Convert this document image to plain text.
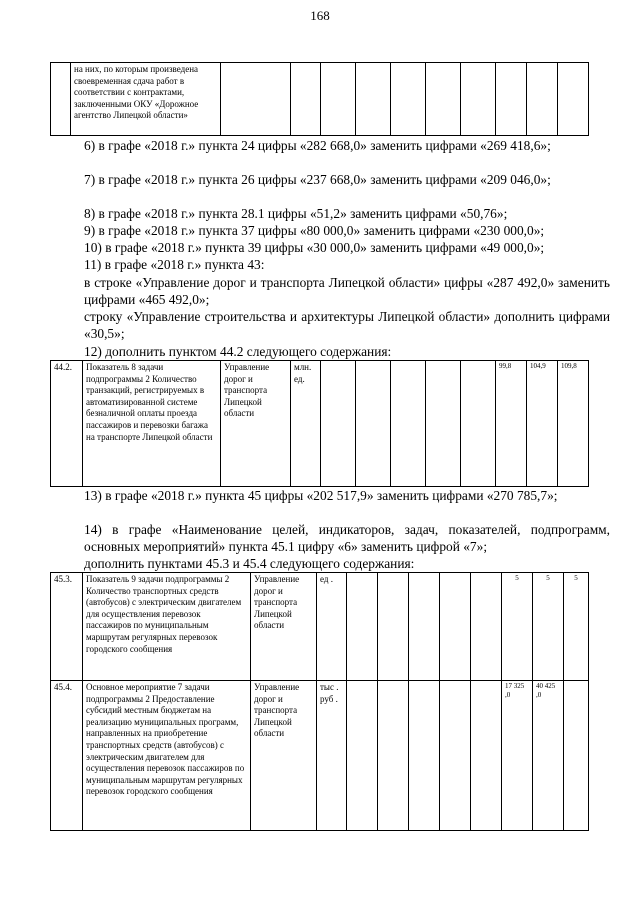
168
	на них, по которым произведена своевременная сдача работ в соответствии с контрактами, заключенными ОКУ «Дорожное агентство Липецкой области»										

6) в графе «2018 г.» пункта 24 цифры «282 668,0» заменить цифрами «269 418,6»;

7) в графе «2018 г.» пункта 26 цифры «237 668,0» заменить цифрами «209 046,0»;

8) в графе «2018 г.» пункта 28.1 цифры «51,2» заменить цифрами «50,76»;

9) в графе «2018 г.» пункта 37 цифры «80 000,0» заменить цифрами «230 000,0»;

10) в графе «2018 г.» пункта 39 цифры «30 000,0» заменить цифрами «49 000,0»;

11) в графе «2018 г.» пункта 43:

в строке «Управление дорог и транспорта Липецкой области» цифры «287 492,0» заменить цифрами «465 492,0»;

строку «Управление строительства и архитектуры Липецкой области» дополнить цифрами «30,5»;

12) дополнить пунктом 44.2 следующего содержания:

44.2.	Показатель 8 задачи подпрограммы 2 Количество транзакций, регистрируемых в автоматизированной системе безналичной оплаты проезда пассажиров и перевозки багажа на транспорте Липецкой области	Управление дорог и транспорта Липецкой области	млн. ед.						99,8	104,9	109,8

13) в графе «2018 г.» пункта 45 цифры «202 517,9» заменить цифрами «270 785,7»;

14) в графе «Наименование целей, индикаторов, задач, показателей, подпрограмм, основных мероприятий» пункта 45.1 цифру «6» заменить цифрой «7»;

дополнить пунктами 45.3 и 45.4 следующего содержания:

45.3.	Показатель 9 задачи подпрограммы 2 Количество транспортных средств (автобусов) с электрическим двигателем для осуществления перевозок пассажиров по муниципальным маршрутам регулярных перевозок городского сообщения	Управление дорог и транспорта Липецкой области	ед .						5	5	5
45.4.	Основное мероприятие 7 задачи подпрограммы 2 Предоставление субсидий местным бюджетам на реализацию муниципальных программ, направленных на приобретение транспортных средств (автобусов) с электрическим двигателем для осуществления перевозок пассажиров по муниципальным маршрутам регулярных перевозок городского сообщения	Управление дорог и транспорта Липецкой области	тыс . руб .						17 325 ,0	40 425 ,0	
